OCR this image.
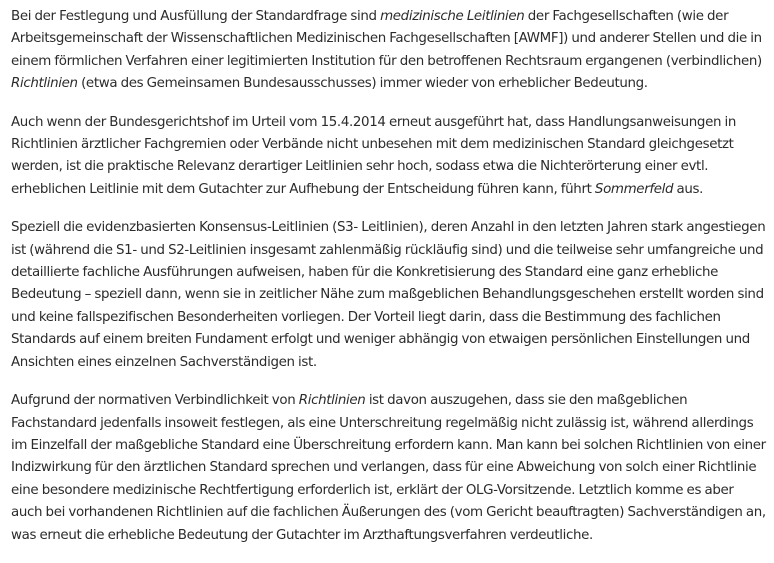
Bei der Festlegung und Ausfüllung der Standardfrage sind medizinische Leitlinien der Fachgesellschaften (wie der Arbeitsgemeinschaft der Wissenschaftlichen Medizinischen Fachgesellschaften [AWMF]) und anderer Stellen und die in einem förmlichen Verfahren einer legitimierten Institution für den betroffenen Rechtsraum ergangenen (verbindlichen) Richtlinien (etwa des Gemeinsamen Bundesausschusses) immer wieder von erheblicher Bedeutung.

Auch wenn der Bundesgerichtshof im Urteil vom 15.4.2014 erneut ausgeführt hat, dass Handlungsanweisungen in Richtlinien ärztlicher Fachgremien oder Verbände nicht unbesehen mit dem medizinischen Standard gleichgesetzt werden, ist die praktische Relevanz derartiger Leitlinien sehr hoch, sodass etwa die Nichterörterung einer evtl. erheblichen Leitlinie mit dem Gutachter zur Aufhebung der Entscheidung führen kann, führt Sommerfeld aus.

Speziell die evidenzbasierten Konsensus-Leitlinien (S3- Leitlinien), deren Anzahl in den letzten Jahren stark angestiegen ist (während die S1- und S2-Leitlinien insgesamt zahlenmäßig rückläufig sind) und die teilweise sehr umfangreiche und detaillierte fachliche Ausführungen aufweisen, haben für die Konkretisierung des Standard eine ganz erhebliche Bedeutung – speziell dann, wenn sie in zeitlicher Nähe zum maßgeblichen Behandlungsgeschehen erstellt worden sind und keine fallspezifischen Besonderheiten vorliegen. Der Vorteil liegt darin, dass die Bestimmung des fachlichen Standards auf einem breiten Fundament erfolgt und weniger abhängig von etwaigen persönlichen Einstellungen und Ansichten eines einzelnen Sachverständigen ist.

Aufgrund der normativen Verbindlichkeit von Richtlinien ist davon auszugehen, dass sie den maßgeblichen Fachstandard jedenfalls insoweit festlegen, als eine Unterschreitung regelmäßig nicht zulässig ist, während allerdings im Einzelfall der maßgebliche Standard eine Überschreitung erfordern kann. Man kann bei solchen Richtlinien von einer Indizwirkung für den ärztlichen Standard sprechen und verlangen, dass für eine Abweichung von solch einer Richtlinie eine besondere medizinische Rechtfertigung erforderlich ist, erklärt der OLG-Vorsitzende. Letztlich komme es aber auch bei vorhandenen Richtlinien auf die fachlichen Äußerungen des (vom Gericht beauftragten) Sachverständigen an, was erneut die erhebliche Bedeutung der Gutachter im Arzthaftungsverfahren verdeutliche.
